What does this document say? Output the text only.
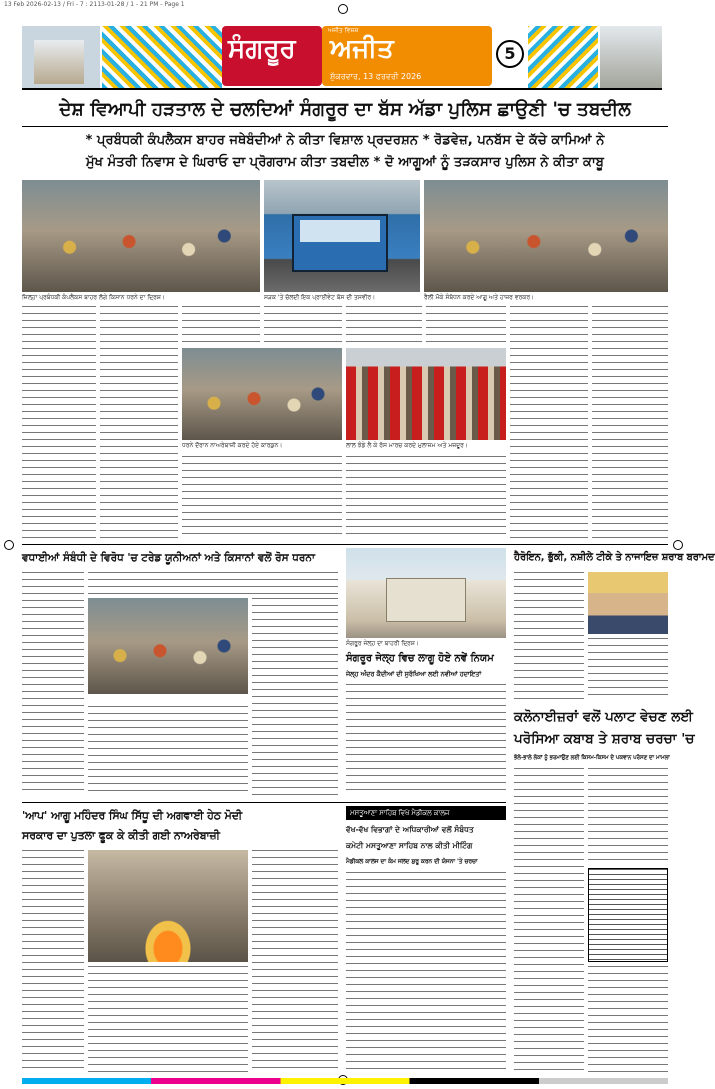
13 Feb 2026-02-13 / Fri - 7 : 2113-01-28 / 1 - 21 PM - Page 1
ਸੰਗਰੂਰ
ਅਜੀਤ ਵਿਸ਼ਸ਼
ਅਜੀਤ
ਸ਼ੁੱਕਰਵਾਰ, 13 ਫਰਵਰੀ 2026
5
ਦੇਸ਼ ਵਿਆਪੀ ਹੜਤਾਲ ਦੇ ਚਲਦਿਆਂ ਸੰਗਰੂਰ ਦਾ ਬੱਸ ਅੱਡਾ ਪੁਲਿਸ ਛਾਉਣੀ 'ਚ ਤਬਦੀਲ
* ਪ੍ਰਬੰਧਕੀ ਕੰਪਲੈਕਸ ਬਾਹਰ ਜਥੇਬੰਦੀਆਂ ਨੇ ਕੀਤਾ ਵਿਸ਼ਾਲ ਪ੍ਰਦਰਸ਼ਨ * ਰੋਡਵੇਜ਼, ਪਨਬੱਸ ਦੇ ਕੱਚੇ ਕਾਮਿਆਂ ਨੇ
ਮੁੱਖ ਮੰਤਰੀ ਨਿਵਾਸ ਦੇ ਘਿਰਾਓ ਦਾ ਪ੍ਰੋਗਰਾਮ ਕੀਤਾ ਤਬਦੀਲ * ਦੋ ਆਗੂਆਂ ਨੂੰ ਤੜਕਸਾਰ ਪੁਲਿਸ ਨੇ ਕੀਤਾ ਕਾਬੂ
ਜ਼ਿਲ੍ਹਾ ਪ੍ਰਬੰਧਕੀ ਕੰਪਲੈਕਸ ਬਾਹਰ ਲੱਗੇ ਕਿਸਾਨ ਧਰਨੇ ਦਾ ਦ੍ਰਿਸ਼।	ਸੜਕ 'ਤੇ ਚੱਲਦੀ ਇਕ ਪ੍ਰਾਈਵੇਟ ਬੱਸ ਦੀ ਤਸਵੀਰ।	ਰੈਲੀ ਮੌਕੇ ਸੰਬੋਧਨ ਕਰਦੇ ਆਗੂ ਅਤੇ ਹਾਜ਼ਰ ਵਰਕਰ।
ਧਰਨੇ ਦੌਰਾਨ ਨਾਅਰੇਬਾਜ਼ੀ ਕਰਦੇ ਹੋਏ ਕਾਰਕੁਨ।	ਲਾਲ ਝੰਡੇ ਲੈ ਕੇ ਰੋਸ ਮਾਰਚ ਕਰਦੇ ਮੁਲਾਜ਼ਮ ਅਤੇ ਮਜ਼ਦੂਰ।
ਵਧਾਈਆਂ ਸੰਬੰਧੀ ਦੇ ਵਿਰੋਧ 'ਚ ਟਰੇਡ ਯੂਨੀਅਨਾਂ ਅਤੇ ਕਿਸਾਨਾਂ ਵਲੋਂ ਰੋਸ ਧਰਨਾ
ਸੰਗਰੂਰ ਜੇਲ੍ਹ ਦਾ ਬਾਹਰੀ ਦ੍ਰਿਸ਼।
ਸੰਗਰੂਰ ਜੇਲ੍ਹ ਵਿਚ ਲਾਗੂ ਹੋਏ ਨਵੇਂ ਨਿਯਮ
ਜੇਲ੍ਹ ਅੰਦਰ ਕੈਦੀਆਂ ਦੀ ਸੁਰੱਖਿਆ ਲਈ ਨਵੀਆਂ ਹਦਾਇਤਾਂ
ਹੈਰੋਇਨ, ਭੁੱਕੀ, ਨਸ਼ੀਲੇ ਟੀਕੇ ਤੇ ਨਾਜਾਇਜ਼ ਸ਼ਰਾਬ ਬਰਾਮਦ
ਕਲੋਨਾਈਜ਼ਰਾਂ ਵਲੋਂ ਪਲਾਟ ਵੇਚਣ ਲਈ
ਪਰੋਸਿਆ ਕਬਾਬ ਤੇ ਸ਼ਰਾਬ ਚਰਚਾ 'ਚ
'ਆਪ' ਆਗੂ ਮਹਿੰਦਰ ਸਿੰਘ ਸਿੱਧੂ ਦੀ ਅਗਵਾਈ ਹੇਠ ਮੋਦੀ
ਸਰਕਾਰ ਦਾ ਪੁਤਲਾ ਫੂਕ ਕੇ ਕੀਤੀ ਗਈ ਨਾਅਰੇਬਾਜ਼ੀ
ਮਸਤੂਆਣਾ ਸਾਹਿਬ ਵਿਖੇ ਮੈਡੀਕਲ ਕਾਲਜ
ਵੱਖ-ਵੱਖ ਵਿਭਾਗਾਂ ਦੇ ਅਧਿਕਾਰੀਆਂ ਵਲੋਂ ਸੰਬੰਧਤ
ਕਮੇਟੀ ਮਸਤੂਆਣਾ ਸਾਹਿਬ ਨਾਲ ਕੀਤੀ ਮੀਟਿੰਗ
ਮੈਡੀਕਲ ਕਾਲਜ ਦਾ ਕੰਮ ਜਲਦ ਸ਼ੁਰੂ ਕਰਨ ਦੀ ਯੋਜਨਾ 'ਤੇ ਚਰਚਾ
ਭੋਲੇ-ਭਾਲੇ ਲੋਕਾਂ ਨੂੰ ਭਰਮਾਉਣ ਲਈ ਕਿਸਮ-ਕਿਸਮ ਦੇ ਪਕਵਾਨ ਪਰੋਸਣ ਦਾ ਮਾਮਲਾ
